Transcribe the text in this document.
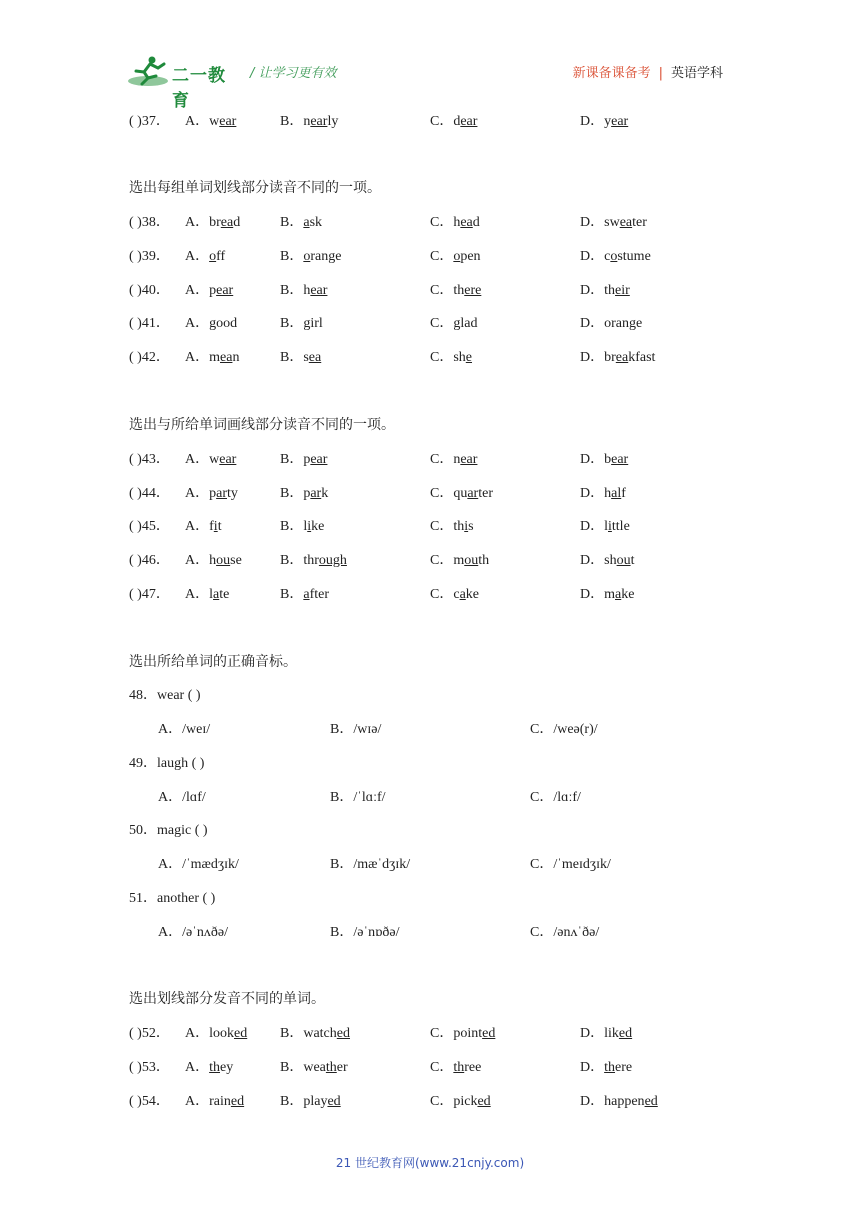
二一教育
/ 让学习更有效	新课备课备考 | 英语学科
( )37． A．wear	B．nearly	C．dear	D．year
选出每组单词划线部分读音不同的一项。
( )38． A．bread	B．ask	C．head	D．sweater
( )39． A．off	B．orange	C．open	D．costume
( )40． A．pear	B．hear	C．there	D．their
( )41． A．good	B．girl	C．glad	D．orange
( )42． A．mean	B．sea	C．she	D．breakfast
选出与所给单词画线部分读音不同的一项。
( )43． A．wear	B．pear	C．near	D．bear
( )44． A．party	B．park	C．quarter	D．half
( )45． A．fit	B．like	C．this	D．little
( )46． A．house	B．through	C．mouth	D．shout
( )47． A．late	B．after	C．cake	D．make
选出所给单词的正确音标。
48．wear ( )
A．/weɪ/	B．/wɪə/	C．/weə(r)/
49．laugh ( )
A．/lɑf/	B．/ˈlɑːf/	C．/lɑːf/
50．magic ( )
A．/ˈmædʒɪk/	B．/mæˈdʒɪk/	C．/ˈmeɪdʒɪk/
51．another ( )
A．/əˈnʌðə/	B．/əˈnɒðə/	C．/ənʌˈðə/
选出划线部分发音不同的单词。
( )52． A．looked B．watched	C．pointed	D．liked
( )53． A．they	B．weather	C．three	D．there
( )54． A．rained	B．played	C．picked	D．happened
21 世纪教育网(www.21cnjy.com)
